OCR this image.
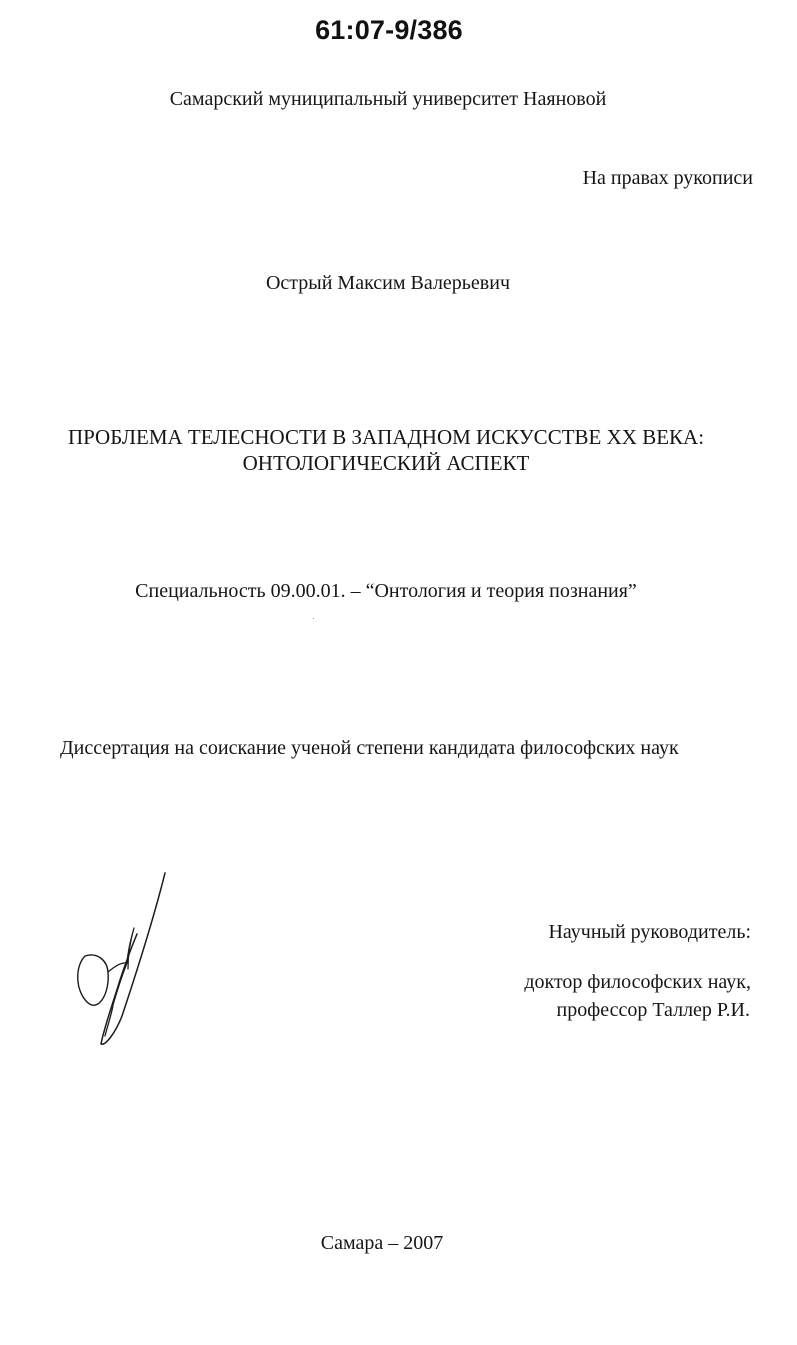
61:07-9/386
Самарский муниципальный университет Наяновой
На правах рукописи
Острый Максим Валерьевич
ПРОБЛЕМА ТЕЛЕСНОСТИ В ЗАПАДНОМ ИСКУССТВЕ XX ВЕКА:
ОНТОЛОГИЧЕСКИЙ АСПЕКТ
Специальность 09.00.01. – “Онтология и теория познания”
Диссертация на соискание ученой степени кандидата философских наук
Научный руководитель:
доктор философских наук,
профессор Таллер Р.И.
Самара – 2007
